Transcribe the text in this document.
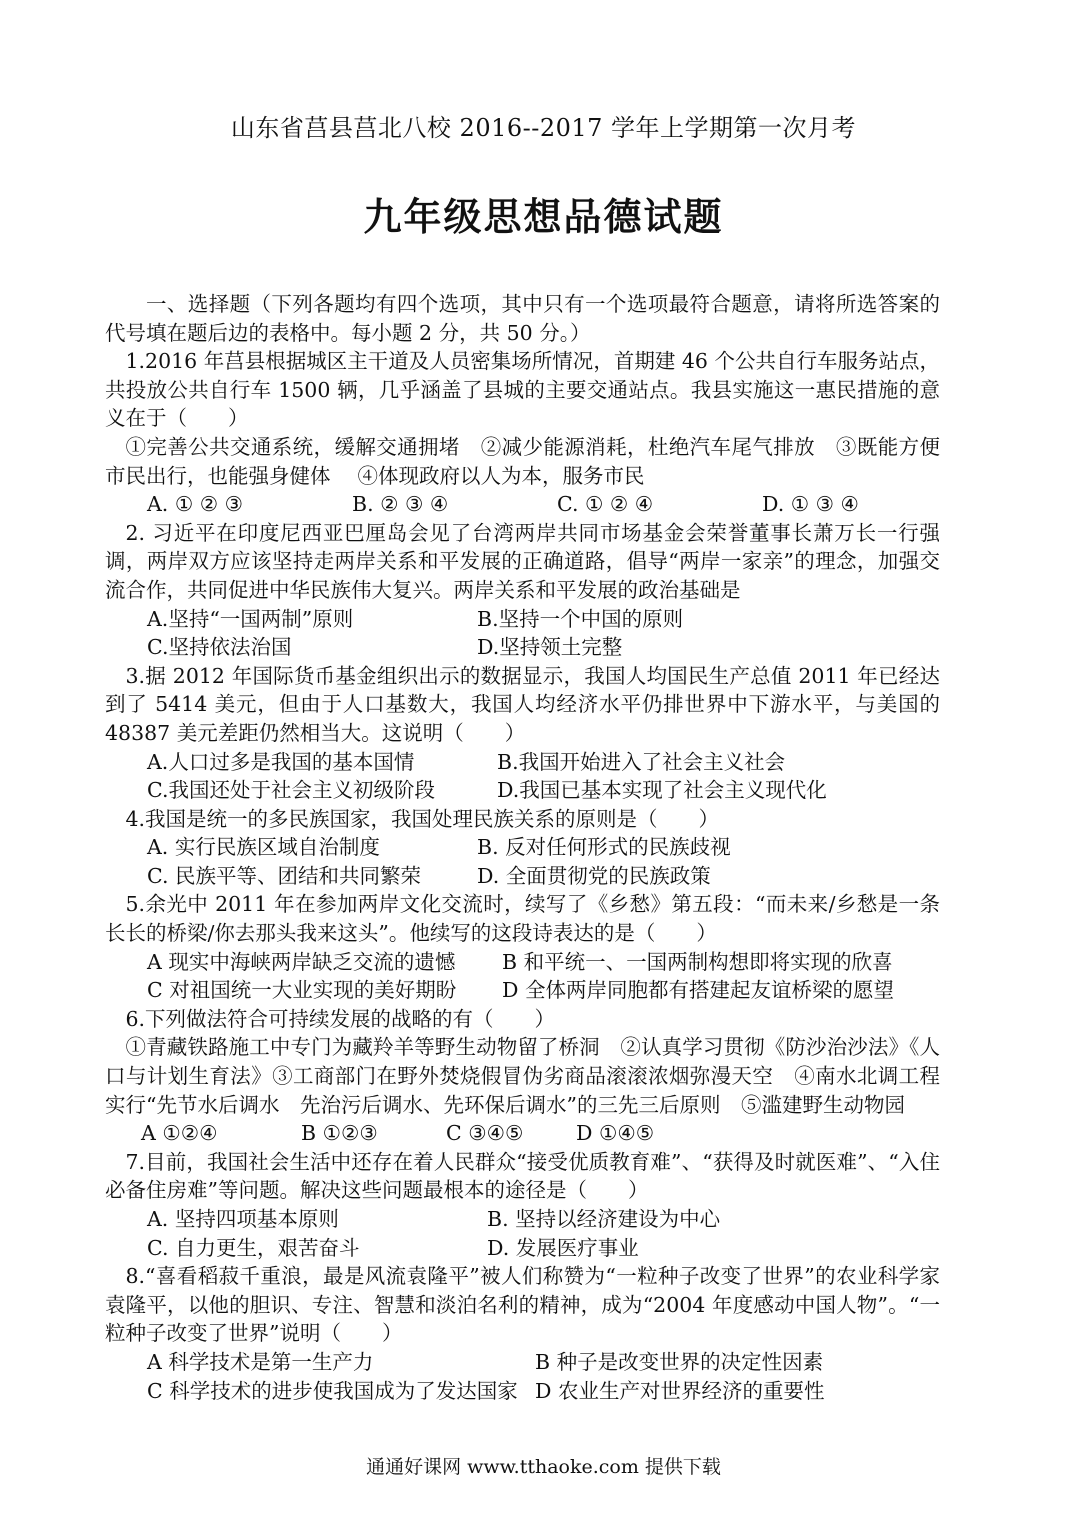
山东省莒县莒北八校 2016--2017 学年上学期第一次月考
九年级思想品德试题

一、选择题（下列各题均有四个选项，其中只有一个选项最符合题意，请将所选答案的代号填在题后边的表格中。每小题 2 分，共 50 分。）

1.2016 年莒县根据城区主干道及人员密集场所情况，首期建 46 个公共自行车服务站点，共投放公共自行车 1500 辆，几乎涵盖了县城的主要交通站点。我县实施这一惠民措施的意义在于（　　）

①完善公共交通系统，缓解交通拥堵　②减少能源消耗，杜绝汽车尾气排放　③既能方便市民出行，也能强身健体　 ④体现政府以人为本，服务市民

A. ① ② ③	B. ② ③ ④	C. ① ② ④	D. ① ③ ④

2. 习近平在印度尼西亚巴厘岛会见了台湾两岸共同市场基金会荣誉董事长萧万长一行强调，两岸双方应该坚持走两岸关系和平发展的正确道路，倡导“两岸一家亲”的理念，加强交流合作，共同促进中华民族伟大复兴。两岸关系和平发展的政治基础是

A.坚持“一国两制”原则	B.坚持一个中国的原则
C.坚持依法治国	D.坚持领土完整

3.据 2012 年国际货币基金组织出示的数据显示，我国人均国民生产总值 2011 年已经达到了 5414 美元，但由于人口基数大，我国人均经济水平仍排世界中下游水平，与美国的 48387 美元差距仍然相当大。这说明（　　）

A.人口过多是我国的基本国情	B.我国开始进入了社会主义社会
C.我国还处于社会主义初级阶段	D.我国已基本实现了社会主义现代化

4.我国是统一的多民族国家，我国处理民族关系的原则是（　　）

A. 实行民族区域自治制度	B. 反对任何形式的民族歧视
C. 民族平等、团结和共同繁荣	D. 全面贯彻党的民族政策

5.余光中 2011 年在参加两岸文化交流时，续写了《乡愁》第五段：“而未来/乡愁是一条长长的桥梁/你去那头我来这头”。他续写的这段诗表达的是（　　）

A 现实中海峡两岸缺乏交流的遗憾	B 和平统一、一国两制构想即将实现的欣喜
C 对祖国统一大业实现的美好期盼	D 全体两岸同胞都有搭建起友谊桥梁的愿望

6.下列做法符合可持续发展的战略的有（　　）

①青藏铁路施工中专门为藏羚羊等野生动物留了桥洞　②认真学习贯彻《防沙治沙法》《人口与计划生育法》③工商部门在野外焚烧假冒伪劣商品滚滚浓烟弥漫天空　④南水北调工程实行“先节水后调水　先治污后调水、先环保后调水”的三先三后原则　⑤滥建野生动物园

A ①②④	B ①②③	C ③④⑤	D ①④⑤

7.目前，我国社会生活中还存在着人民群众“接受优质教育难”、“获得及时就医难”、“入住必备住房难”等问题。解决这些问题最根本的途径是（　　）

A. 坚持四项基本原则	B. 坚持以经济建设为中心
C. 自力更生，艰苦奋斗	D. 发展医疗事业

8.“喜看稻菽千重浪，最是风流袁隆平”被人们称赞为“一粒种子改变了世界”的农业科学家袁隆平，以他的胆识、专注、智慧和淡泊名利的精神，成为“2004 年度感动中国人物”。“一粒种子改变了世界”说明（　　）

A 科学技术是第一生产力	B 种子是改变世界的决定性因素
C 科学技术的进步使我国成为了发达国家 D 农业生产对世界经济的重要性
通通好课网 www.tthaoke.com 提供下载
